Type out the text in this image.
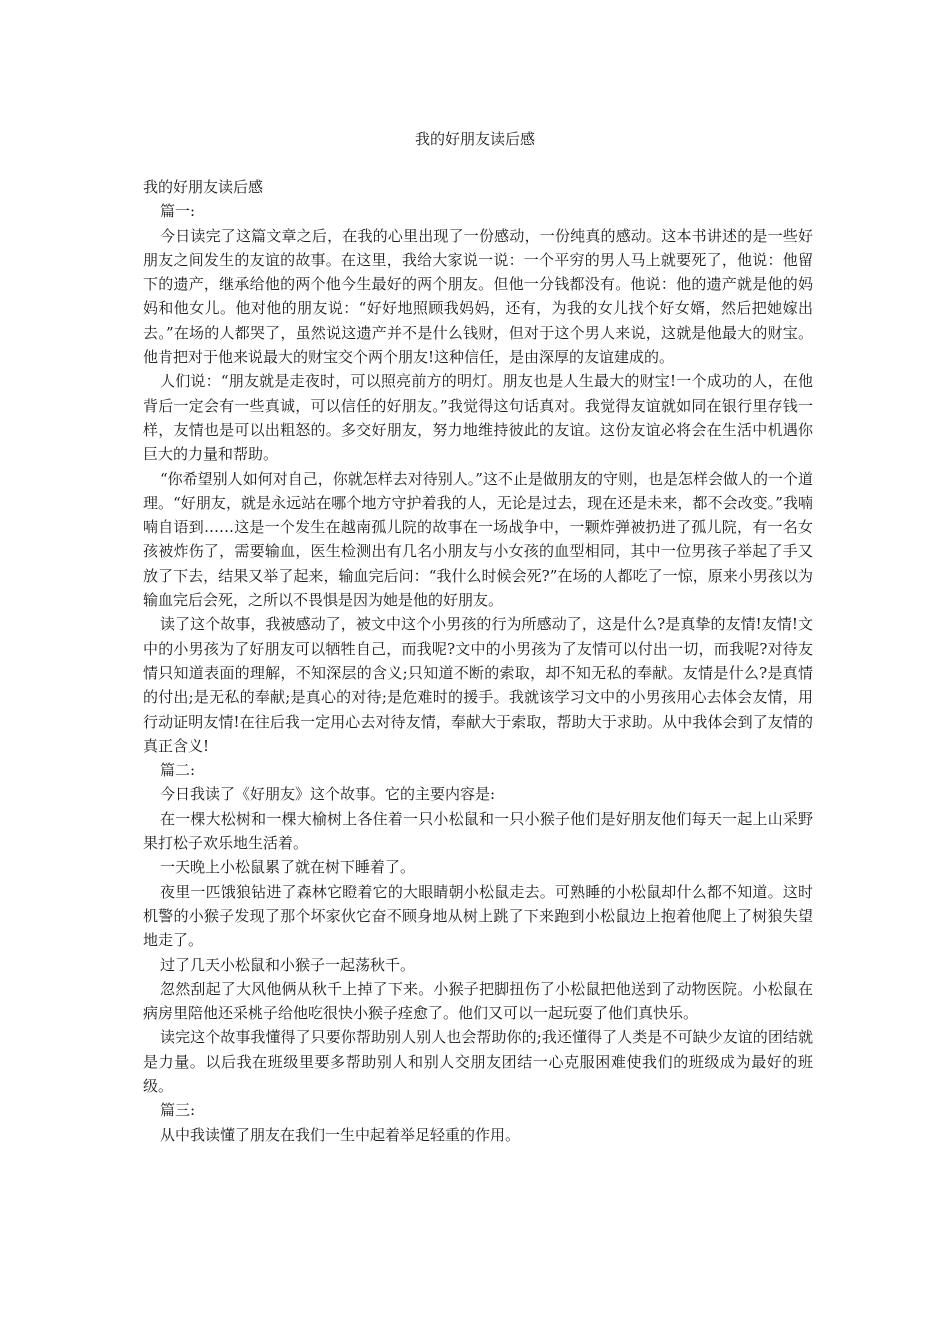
我的好朋友读后感

我的好朋友读后感

篇一:

今日读完了这篇文章之后，在我的心里出现了一份感动，一份纯真的感动。这本书讲述的是一些好朋友之间发生的友谊的故事。在这里，我给大家说一说：一个平穷的男人马上就要死了，他说：他留下的遗产，继承给他的两个他今生最好的两个朋友。但他一分钱都没有。他说：他的遗产就是他的妈妈和他女儿。他对他的朋友说：“好好地照顾我妈妈，还有，为我的女儿找个好女婿，然后把她嫁出去。”在场的人都哭了，虽然说这遗产并不是什么钱财，但对于这个男人来说，这就是他最大的财宝。他肯把对于他来说最大的财宝交个两个朋友!这种信任，是由深厚的友谊建成的。

人们说：“朋友就是走夜时，可以照亮前方的明灯。朋友也是人生最大的财宝!一个成功的人，在他背后一定会有一些真诚，可以信任的好朋友。”我觉得这句话真对。我觉得友谊就如同在银行里存钱一样，友情也是可以出粗怒的。多交好朋友，努力地维持彼此的友谊。这份友谊必将会在生活中机遇你巨大的力量和帮助。

“你希望别人如何对自己，你就怎样去对待别人。”这不止是做朋友的守则，也是怎样会做人的一个道理。“好朋友，就是永远站在哪个地方守护着我的人，无论是过去，现在还是未来，都不会改变。”我喃喃自语到……这是一个发生在越南孤儿院的故事在一场战争中，一颗炸弹被扔进了孤儿院，有一名女孩被炸伤了，需要输血，医生检测出有几名小朋友与小女孩的血型相同，其中一位男孩子举起了手又放了下去，结果又举了起来，输血完后问：“我什么时候会死?”在场的人都吃了一惊，原来小男孩以为输血完后会死，之所以不畏惧是因为她是他的好朋友。

读了这个故事，我被感动了，被文中这个小男孩的行为所感动了，这是什么?是真挚的友情!友情!文中的小男孩为了好朋友可以牺牲自己，而我呢?文中的小男孩为了友情可以付出一切，而我呢?对待友情只知道表面的理解，不知深层的含义;只知道不断的索取，却不知无私的奉献。友情是什么?是真情的付出;是无私的奉献;是真心的对待;是危难时的援手。我就该学习文中的小男孩用心去体会友情，用行动证明友情!在往后我一定用心去对待友情，奉献大于索取，帮助大于求助。从中我体会到了友情的真正含义!

篇二:

今日我读了《好朋友》这个故事。它的主要内容是:

在一棵大松树和一棵大榆树上各住着一只小松鼠和一只小猴子他们是好朋友他们每天一起上山采野果打松子欢乐地生活着。

一天晚上小松鼠累了就在树下睡着了。

夜里一匹饿狼钻进了森林它瞪着它的大眼睛朝小松鼠走去。可熟睡的小松鼠却什么都不知道。这时机警的小猴子发现了那个坏家伙它奋不顾身地从树上跳了下来跑到小松鼠边上抱着他爬上了树狼失望地走了。

过了几天小松鼠和小猴子一起荡秋千。

忽然刮起了大风他俩从秋千上掉了下来。小猴子把脚扭伤了小松鼠把他送到了动物医院。小松鼠在病房里陪他还采桃子给他吃很快小猴子痊愈了。他们又可以一起玩耍了他们真快乐。

读完这个故事我懂得了只要你帮助别人别人也会帮助你的;我还懂得了人类是不可缺少友谊的团结就是力量。以后我在班级里要多帮助别人和别人交朋友团结一心克服困难使我们的班级成为最好的班级。

篇三:

从中我读懂了朋友在我们一生中起着举足轻重的作用。
